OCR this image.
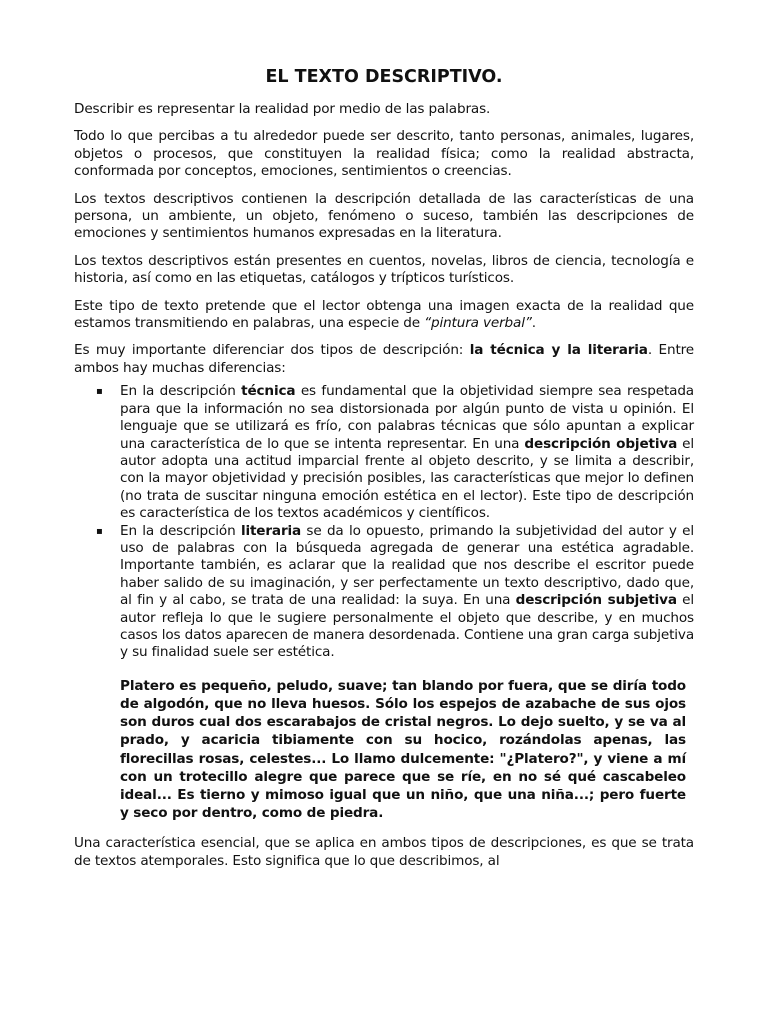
EL TEXTO DESCRIPTIVO.

Describir es representar la realidad por medio de las palabras.

Todo lo que percibas a tu alrededor puede ser descrito, tanto personas, animales, lugares, objetos o procesos, que constituyen la realidad física; como la realidad abstracta, conformada por conceptos, emociones, sentimientos o creencias.

Los textos descriptivos contienen la descripción detallada de las características de una persona, un ambiente, un objeto, fenómeno o suceso, también las descripciones de emociones y sentimientos humanos expresadas en la literatura.

Los textos descriptivos están presentes en cuentos, novelas, libros de ciencia, tecnología e historia, así como en las etiquetas, catálogos y trípticos turísticos.

Este tipo de texto pretende que el lector obtenga una imagen exacta de la realidad que estamos transmitiendo en palabras, una especie de “pintura verbal”.

Es muy importante diferenciar dos tipos de descripción: la técnica y la literaria. Entre ambos hay muchas diferencias:

▪ En la descripción técnica es fundamental que la objetividad siempre sea respetada para que la información no sea distorsionada por algún punto de vista u opinión. El lenguaje que se utilizará es frío, con palabras técnicas que sólo apuntan a explicar una característica de lo que se intenta representar. En una descripción objetiva el autor adopta una actitud imparcial frente al objeto descrito, y se limita a describir, con la mayor objetividad y precisión posibles, las características que mejor lo definen (no trata de suscitar ninguna emoción estética en el lector). Este tipo de descripción es característica de los textos académicos y científicos.
▪ En la descripción literaria se da lo opuesto, primando la subjetividad del autor y el uso de palabras con la búsqueda agregada de generar una estética agradable. Importante también, es aclarar que la realidad que nos describe el escritor puede haber salido de su imaginación, y ser perfectamente un texto descriptivo, dado que, al fin y al cabo, se trata de una realidad: la suya. En una descripción subjetiva el autor refleja lo que le sugiere personalmente el objeto que describe, y en muchos casos los datos aparecen de manera desordenada. Contiene una gran carga subjetiva y su finalidad suele ser estética.
Platero es pequeño, peludo, suave; tan blando por fuera, que se diría todo de algodón, que no lleva huesos. Sólo los espejos de azabache de sus ojos son duros cual dos escarabajos de cristal negros. Lo dejo suelto, y se va al prado, y acaricia tibiamente con su hocico, rozándolas apenas, las florecillas rosas, celestes... Lo llamo dulcemente: "¿Platero?", y viene a mí con un trotecillo alegre que parece que se ríe, en no sé qué cascabeleo ideal... Es tierno y mimoso igual que un niño, que una niña...; pero fuerte y seco por dentro, como de piedra.

Una característica esencial, que se aplica en ambos tipos de descripciones, es que se trata de textos atemporales. Esto significa que lo que describimos, al
